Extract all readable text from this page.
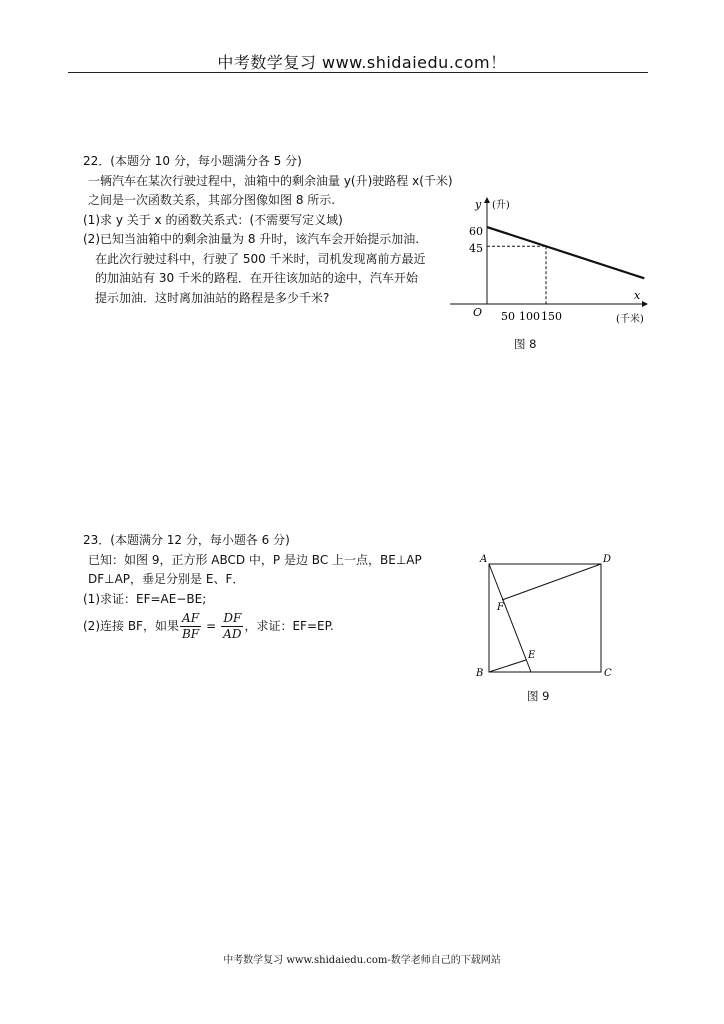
中考数学复习 www.shidaiedu.com！
22．(本题分 10 分，每小题满分各 5 分)
一辆汽车在某次行驶过程中，油箱中的剩余油量 y(升)驶路程 x(千米)
之间是一次函数关系，其部分图像如图 8 所示.
(1)求 y 关于 x 的函数关系式：(不需要写定义域)
(2)已知当油箱中的剩余油量为 8 升时，该汽车会开始提示加油.
在此次行驶过科中，行驶了 500 千米时，司机发现离前方最近
的加油站有 30 千米的路程．在开往该加站的途中，汽车开始
提示加油．这时离加油站的路程是多少千米?
y (升)
x
(千米)
O
60
45
50 100 150
图 8
23．(本题满分 12 分，每小题各 6 分)
已知：如图 9，正方形 ABCD 中，P 是边 BC 上一点，BE⊥AP
DF⊥AP，垂足分别是 E、F．
(1)求证：EF=AE−BE;
(2)连接 BF，如果 $\frac{AF}{BF} = \frac{DF}{AD}$ ，求证：EF=EP.
A	D
B	C
F
E
图 9
中考数学复习 www.shidaiedu.com-数学老师自己的下载网站
